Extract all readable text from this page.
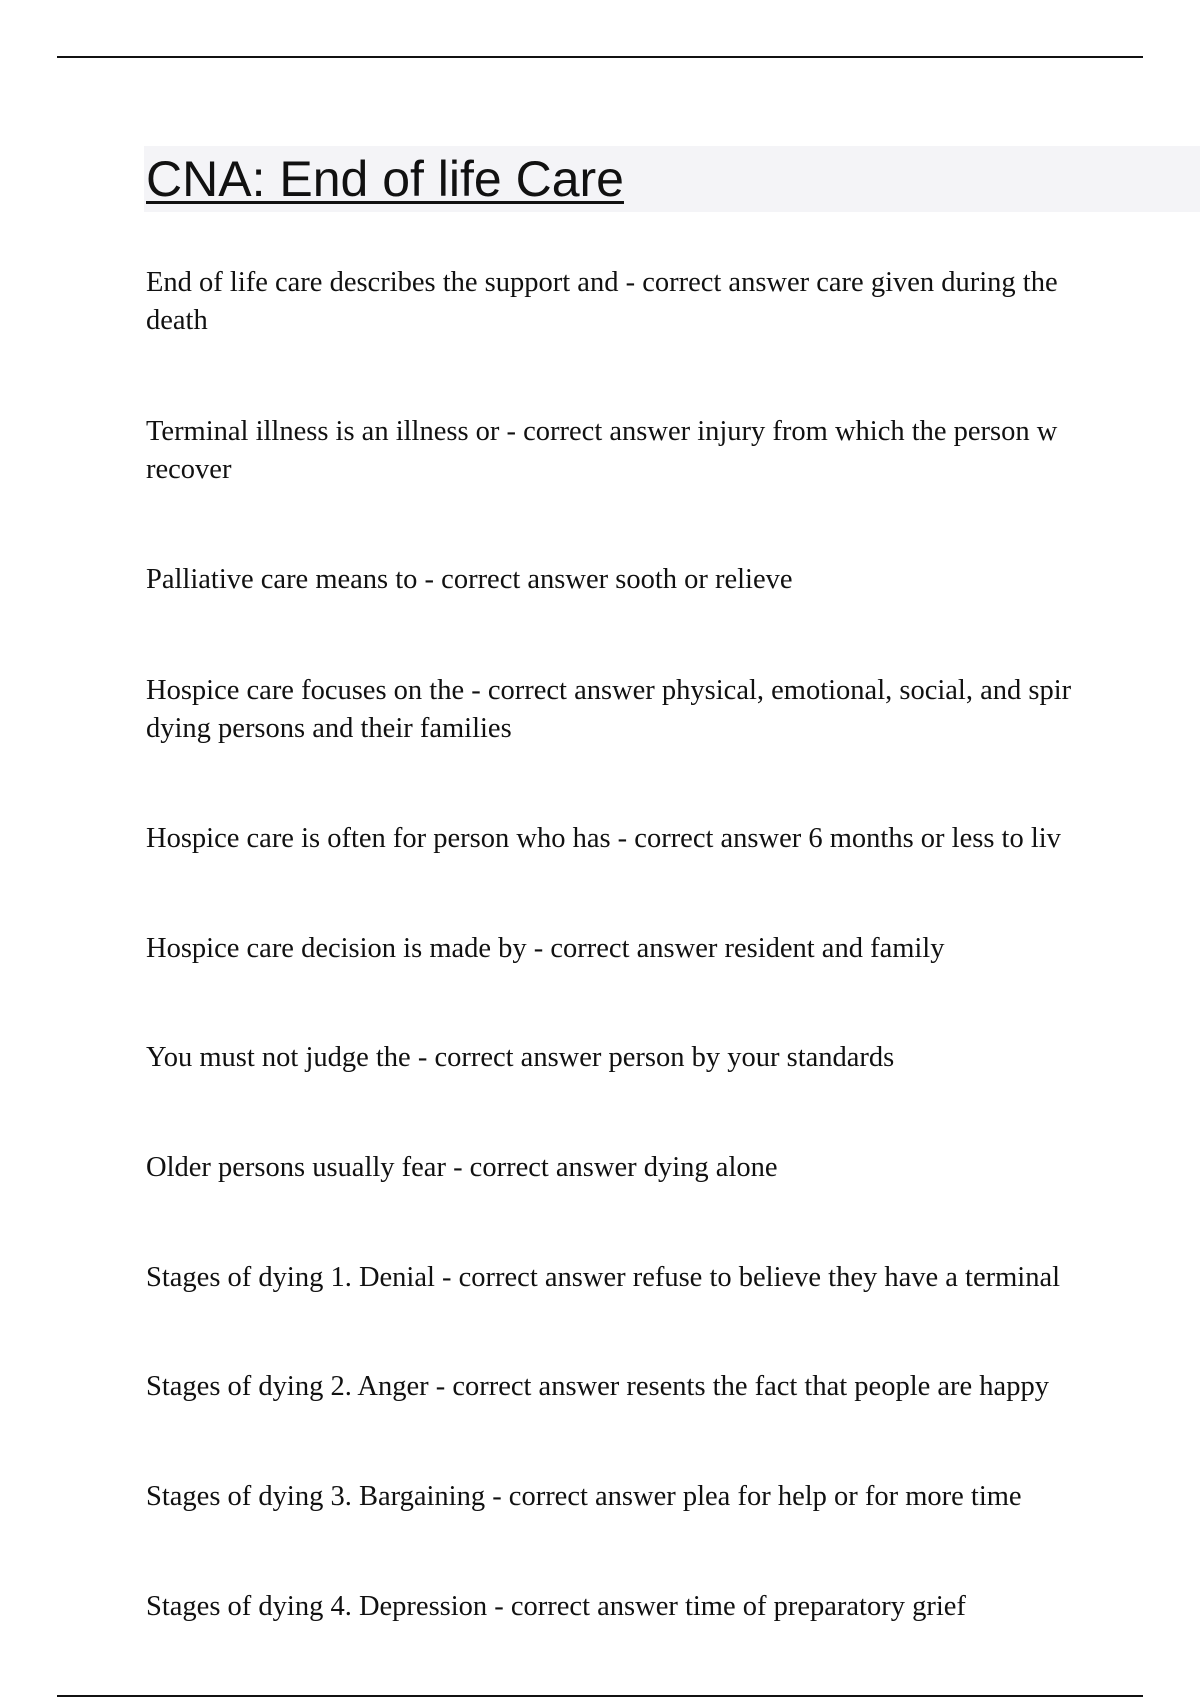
CNA: End of life Care

End of life care describes the support and - correct answer care given during the
death

Terminal illness is an illness or - correct answer injury from which the person w
recover

Palliative care means to - correct answer sooth or relieve

Hospice care focuses on the - correct answer physical, emotional, social, and spir
dying persons and their families

Hospice care is often for person who has - correct answer 6 months or less to liv

Hospice care decision is made by - correct answer resident and family

You must not judge the - correct answer person by your standards

Older persons usually fear - correct answer dying alone

Stages of dying 1. Denial - correct answer refuse to believe they have a terminal

Stages of dying 2. Anger - correct answer resents the fact that people are happy

Stages of dying 3. Bargaining - correct answer plea for help or for more time

Stages of dying 4. Depression - correct answer time of preparatory grief
